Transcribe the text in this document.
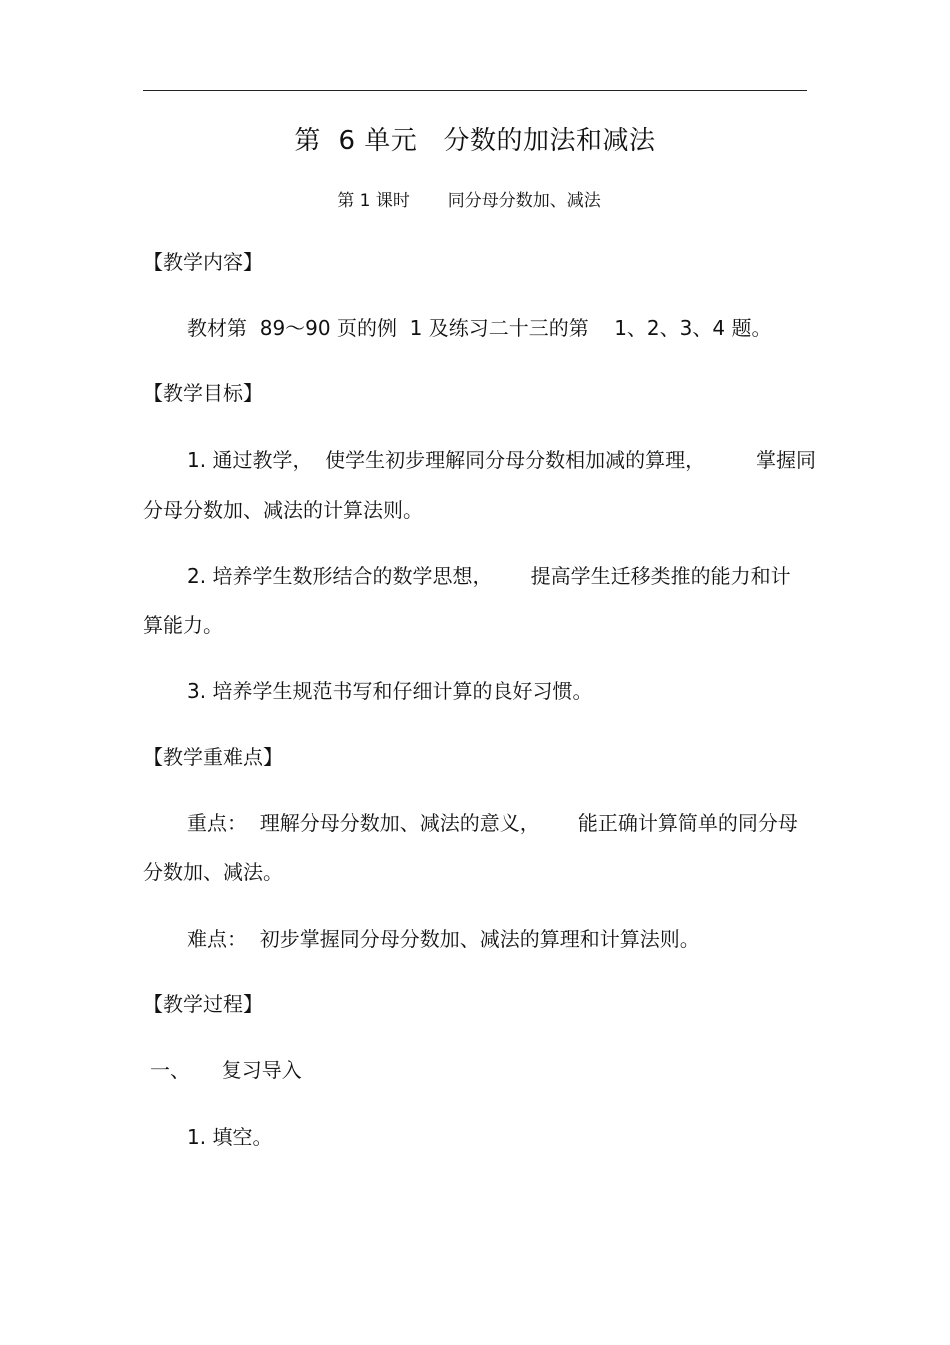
第  6 单元   分数的加法和减法
第 1 课时       同分母分数加、减法
【教学内容】
教材第  89～90 页的例  1 及练习二十三的第    1、2、3、4 题。
【教学目标】
1. 通过教学，  使学生初步理解同分母分数相加减的算理，        掌握同
分母分数加、减法的计算法则。
2. 培养学生数形结合的数学思想，      提高学生迁移类推的能力和计
算能力。
3. 培养学生规范书写和仔细计算的良好习惯。
【教学重难点】
重点：  理解分母分数加、减法的意义，      能正确计算简单的同分母
分数加、减法。
难点：  初步掌握同分母分数加、减法的算理和计算法则。
【教学过程】
一、     复习导入
1. 填空。
